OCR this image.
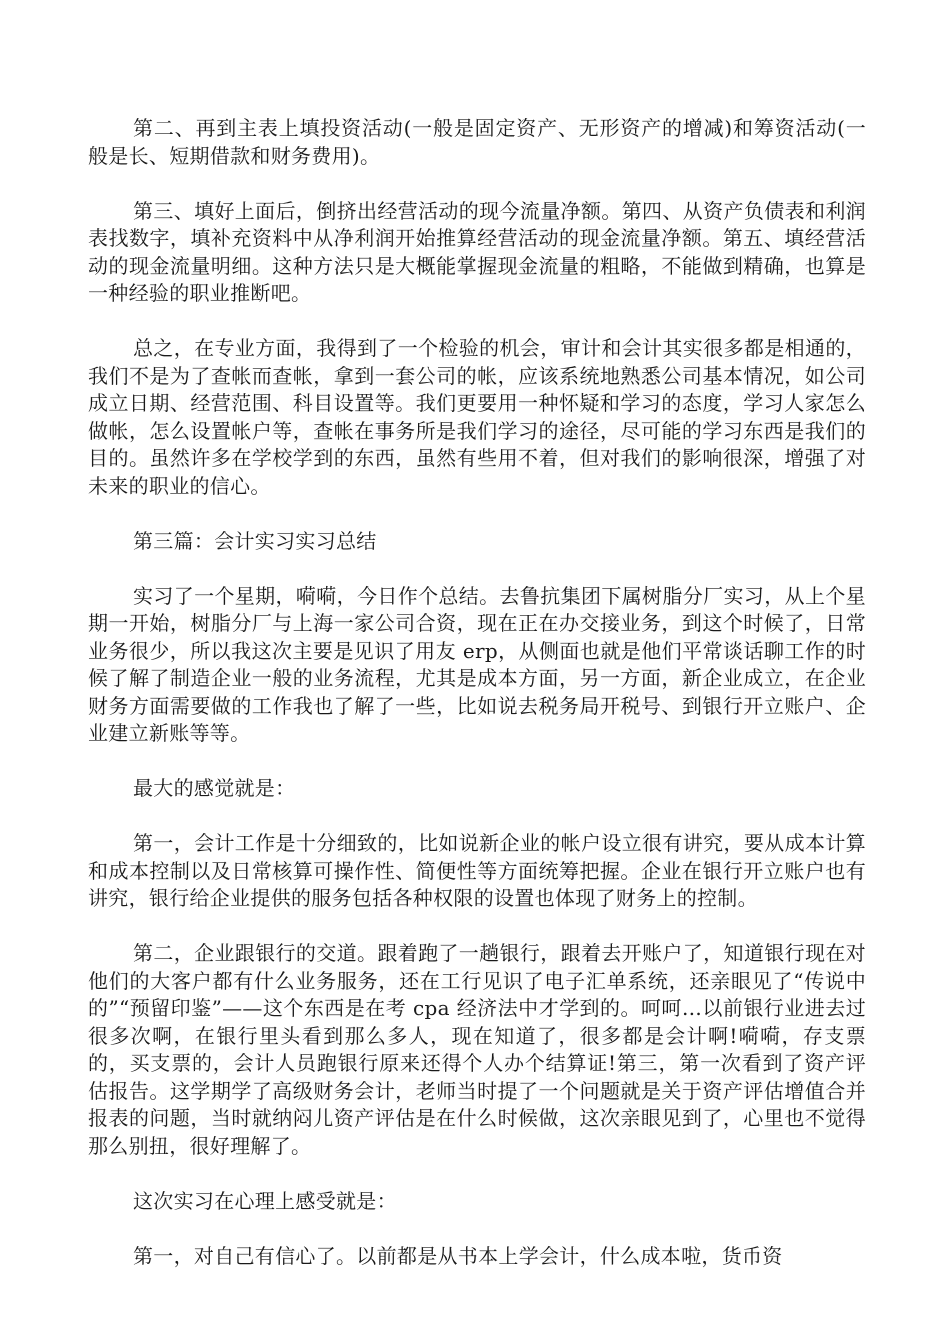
第二、再到主表上填投资活动(一般是固定资产、无形资产的增减)和筹资活动(一般是长、短期借款和财务费用)。

第三、填好上面后，倒挤出经营活动的现今流量净额。第四、从资产负债表和利润表找数字，填补充资料中从净利润开始推算经营活动的现金流量净额。第五、填经营活动的现金流量明细。这种方法只是大概能掌握现金流量的粗略，不能做到精确，也算是一种经验的职业推断吧。

总之，在专业方面，我得到了一个检验的机会，审计和会计其实很多都是相通的，我们不是为了查帐而查帐，拿到一套公司的帐，应该系统地熟悉公司基本情况，如公司成立日期、经营范围、科目设置等。我们更要用一种怀疑和学习的态度，学习人家怎么做帐，怎么设置帐户等，查帐在事务所是我们学习的途径，尽可能的学习东西是我们的目的。虽然许多在学校学到的东西，虽然有些用不着，但对我们的影响很深，增强了对未来的职业的信心。

第三篇：会计实习实习总结

实习了一个星期，嗬嗬，今日作个总结。去鲁抗集团下属树脂分厂实习，从上个星期一开始，树脂分厂与上海一家公司合资，现在正在办交接业务，到这个时候了，日常业务很少，所以我这次主要是见识了用友 erp，从侧面也就是他们平常谈话聊工作的时候了解了制造企业一般的业务流程，尤其是成本方面，另一方面，新企业成立，在企业财务方面需要做的工作我也了解了一些，比如说去税务局开税号、到银行开立账户、企业建立新账等等。

最大的感觉就是：

第一，会计工作是十分细致的，比如说新企业的帐户设立很有讲究，要从成本计算和成本控制以及日常核算可操作性、简便性等方面统筹把握。企业在银行开立账户也有讲究，银行给企业提供的服务包括各种权限的设置也体现了财务上的控制。

第二，企业跟银行的交道。跟着跑了一趟银行，跟着去开账户了，知道银行现在对他们的大客户都有什么业务服务，还在工行见识了电子汇单系统，还亲眼见了“传说中的”“预留印鉴”——这个东西是在考 cpa 经济法中才学到的。呵呵…以前银行业进去过很多次啊，在银行里头看到那么多人，现在知道了，很多都是会计啊!嗬嗬，存支票的，买支票的，会计人员跑银行原来还得个人办个结算证!第三，第一次看到了资产评估报告。这学期学了高级财务会计，老师当时提了一个问题就是关于资产评估增值合并报表的问题，当时就纳闷儿资产评估是在什么时候做，这次亲眼见到了，心里也不觉得那么别扭，很好理解了。

这次实习在心理上感受就是：

第一，对自己有信心了。以前都是从书本上学会计，什么成本啦，货币资
